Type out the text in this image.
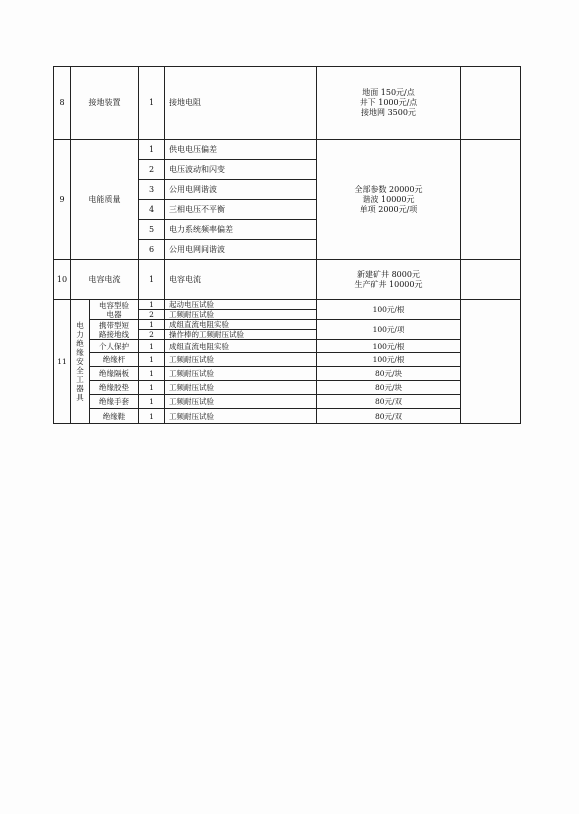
8	接地装置		1	接地电阻	地面 150元/点
井下 1000元/点
接地网 3500元	

9	电能质量		1	供电电压偏差	全部参数 20000元
谐波 10000元
单项 2000元/项	

			2	电压波动和闪变		
			3	公用电网谐波		
			4	三相电压不平衡		
			5	电力系统频率偏差		
			6	公用电网间谐波		
10	电容电流		1	电容电流	新建矿井 8000元
生产矿井 10000元	

11	电力绝缘安全工器具	电容型验
电器	1	起动电压试验	100元/根	
			2	工频耐压试验		

		携带型短
路接地线	1	成组直流电阻实验	100元/项	
			2	操作棒的工频耐压试验		
		个人保护	1	成组直流电阻实验	100元/根	
		绝缘杆	1	工频耐压试验	100元/根	
		绝缘隔板	1	工频耐压试验	80元/块	
		绝缘胶垫	1	工频耐压试验	80元/块	
		绝缘手套	1	工频耐压试验	80元/双	
		绝缘鞋	1	工频耐压试验	80元/双	
